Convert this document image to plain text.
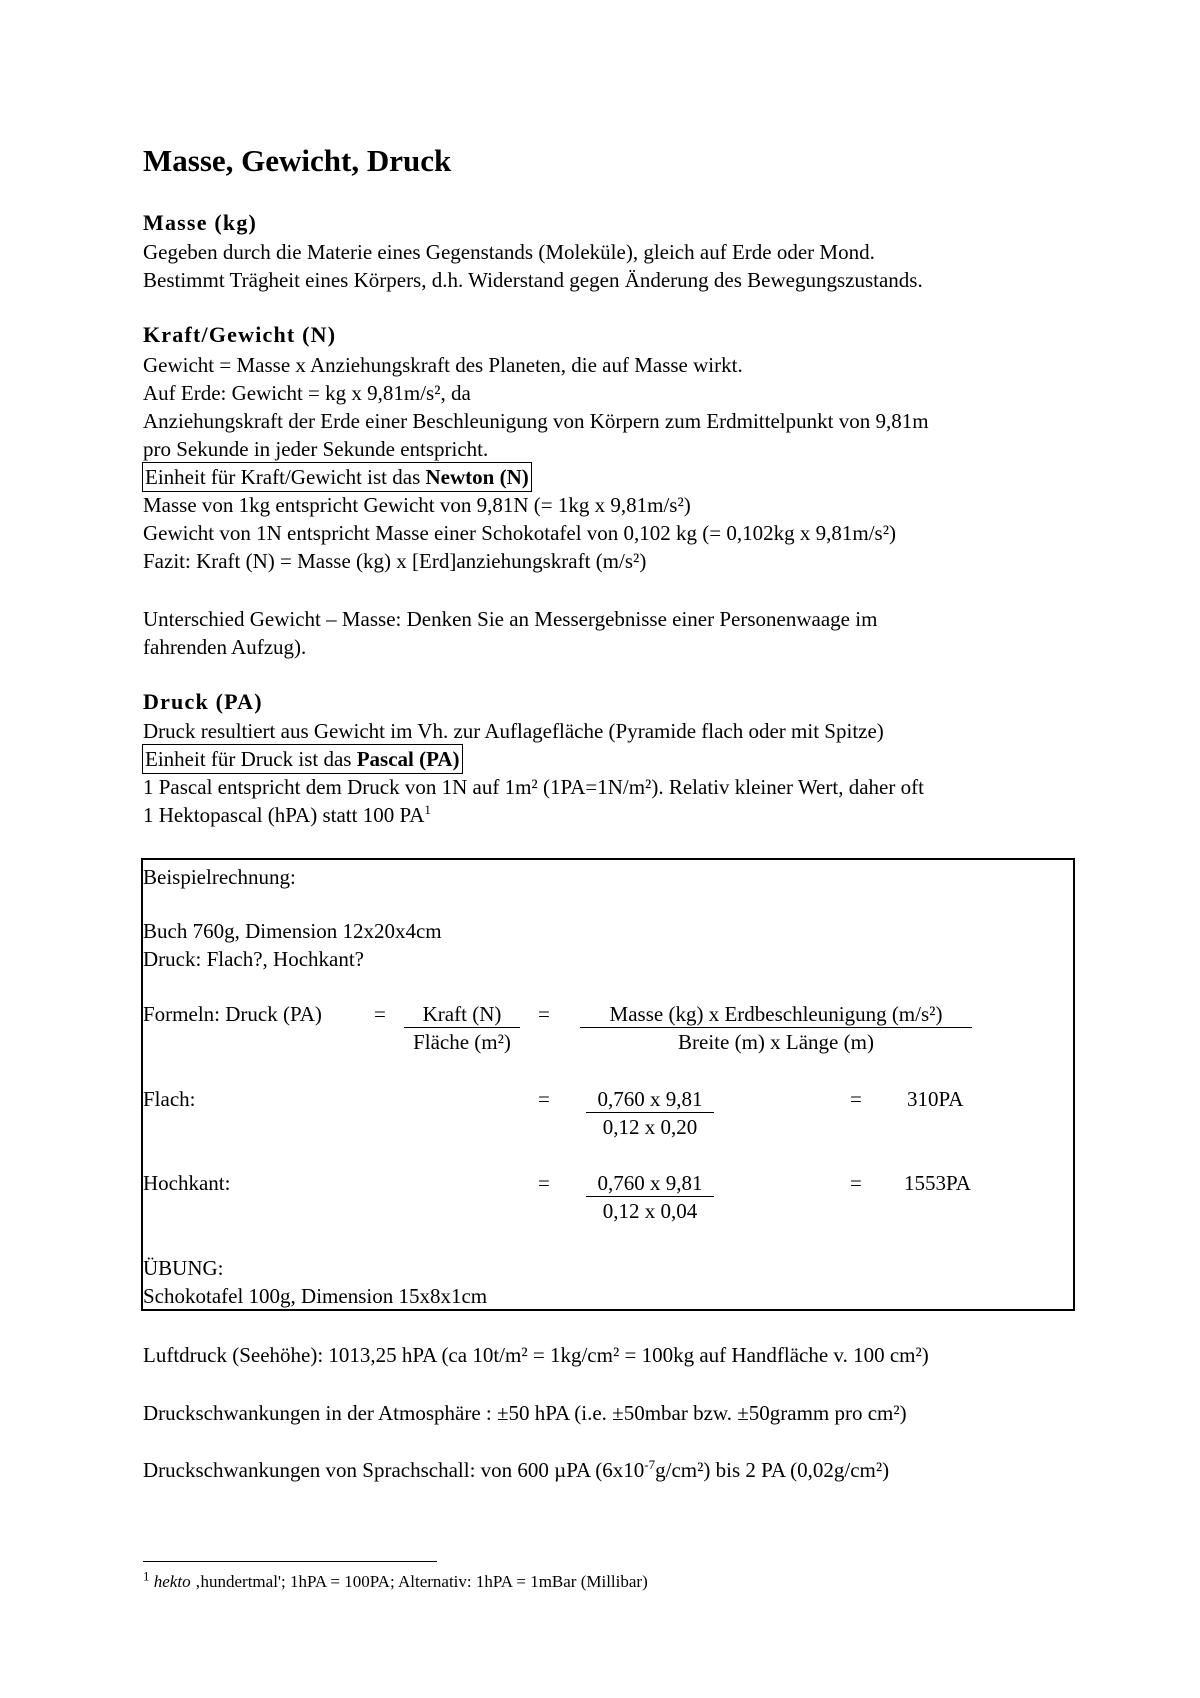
Masse, Gewicht, Druck
Masse (kg)
Gegeben durch die Materie eines Gegenstands (Moleküle), gleich auf Erde oder Mond.
Bestimmt Trägheit eines Körpers, d.h. Widerstand gegen Änderung des Bewegungszustands.
Kraft/Gewicht (N)
Gewicht = Masse x Anziehungskraft des Planeten, die auf Masse wirkt.
Auf Erde: Gewicht = kg x 9,81m/s², da
Anziehungskraft der Erde einer Beschleunigung von Körpern zum Erdmittelpunkt von 9,81m
pro Sekunde in jeder Sekunde entspricht.
Einheit für Kraft/Gewicht ist das Newton (N)
Masse von 1kg entspricht Gewicht von 9,81N (= 1kg x 9,81m/s²)
Gewicht von 1N entspricht Masse einer Schokotafel von 0,102 kg (= 0,102kg x 9,81m/s²)
Fazit: Kraft (N) = Masse (kg) x [Erd]anziehungskraft (m/s²)
Unterschied Gewicht – Masse: Denken Sie an Messergebnisse einer Personenwaage im
fahrenden Aufzug).
Druck (PA)
Druck resultiert aus Gewicht im Vh. zur Auflagefläche (Pyramide flach oder mit Spitze)
Einheit für Druck ist das Pascal (PA)
1 Pascal entspricht dem Druck von 1N auf 1m² (1PA=1N/m²). Relativ kleiner Wert, daher oft
1 Hektopascal (hPA) statt 100 $PA^1$
Beispielrechnung:
Buch 760g, Dimension 12x20x4cm
Druck: Flach?, Hochkant?
Formeln: Druck (PA) =	Kraft (N)
Fläche (m²)
=	Masse (kg) x Erdbeschleunigung (m/s²)
Breite (m) x Länge (m)
Flach:	=	0,760 x 9,81
0,12 x 0,20
= 310PA
Hochkant:	=	0,760 x 9,81
0,12 x 0,04
= 1553PA
ÜBUNG:
Schokotafel 100g, Dimension 15x8x1cm
Luftdruck (Seehöhe): 1013,25 hPA (ca 10t/m² = 1kg/cm² = 100kg auf Handfläche v. 100 cm²)
Druckschwankungen in der Atmosphäre : ±50 hPA (i.e. ±50mbar bzw. ±50gramm pro cm²)
Druckschwankungen von Sprachschall: von 600 µPA $(6x10^{-7}g/cm^2)$ bis 2 PA (0,02g/cm²)
$^1$ hekto ‚hundertmal'; 1hPA = 100PA; Alternativ: 1hPA = 1mBar (Millibar)
